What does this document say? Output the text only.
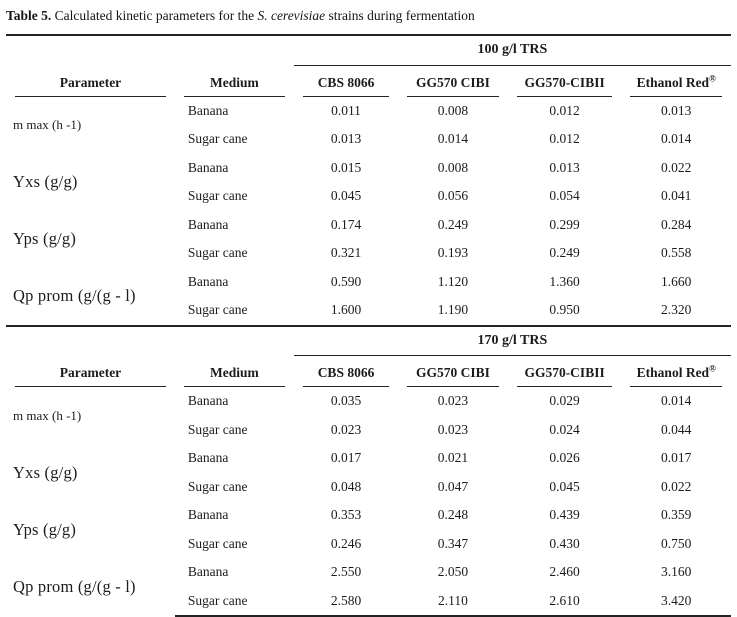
Table 5. Calculated kinetic parameters for the S. cerevisiae strains during fermentation
		100 g/l TRS			

Parameter	Medium	CBS 8066	GG570 CIBI	GG570-CIBII	Ethanol Red®

m max (h -1)	Banana	0.011	0.008	0.012	0.013
	Sugar cane	0.013	0.014	0.012	0.014
Yxs (g/g)	Banana	0.015	0.008	0.013	0.022
	Sugar cane	0.045	0.056	0.054	0.041
Yps (g/g)	Banana	0.174	0.249	0.299	0.284
	Sugar cane	0.321	0.193	0.249	0.558
Qp prom (g/(g - l)	Banana	0.590	1.120	1.360	1.660
	Sugar cane	1.600	1.190	0.950	2.320
		170 g/l TRS			

Parameter	Medium	CBS 8066	GG570 CIBI	GG570-CIBII	Ethanol Red®

m max (h -1)	Banana	0.035	0.023	0.029	0.014
	Sugar cane	0.023	0.023	0.024	0.044
Yxs (g/g)	Banana	0.017	0.021	0.026	0.017
	Sugar cane	0.048	0.047	0.045	0.022
Yps (g/g)	Banana	0.353	0.248	0.439	0.359
	Sugar cane	0.246	0.347	0.430	0.750
Qp prom (g/(g - l)	Banana	2.550	2.050	2.460	3.160
	Sugar cane	2.580	2.110	2.610	3.420
